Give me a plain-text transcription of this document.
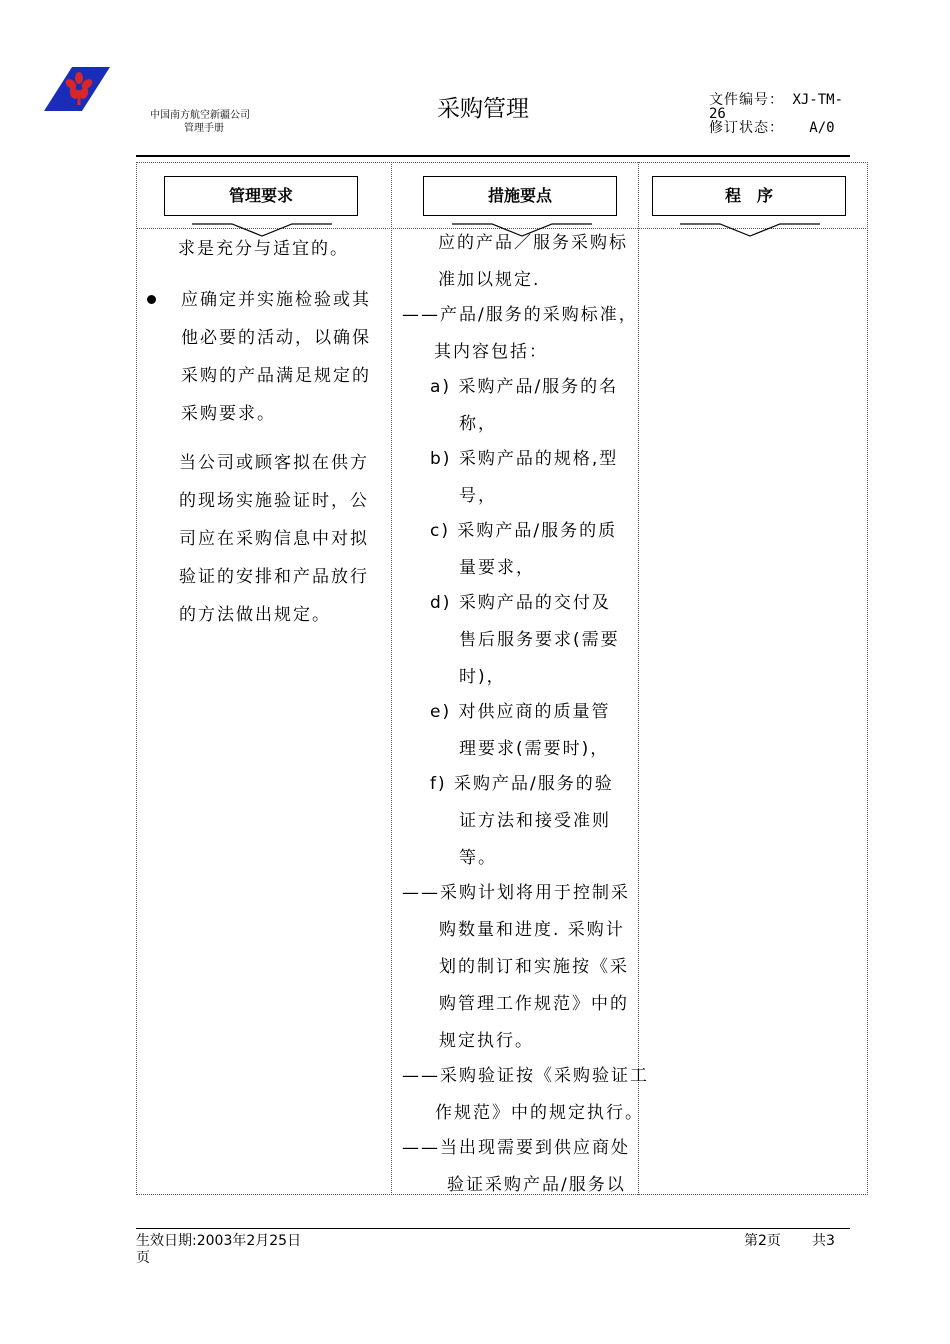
中国南方航空新疆公司
管理手册
采购管理	文件编号： XJ-TM-
26
修订状态： A/0
管理要求	措施要点	程　序
求是充分与适宜的。
应确定并实施检验或其
他必要的活动，以确保
采购的产品满足规定的
采购要求。
当公司或顾客拟在供方
的现场实施验证时，公
司应在采购信息中对拟
验证的安排和产品放行
的方法做出规定。
应的产品／服务采购标
准加以规定.
——产品/服务的采购标准，
其内容包括：
a) 采购产品/服务的名
称，
b) 采购产品的规格,型
号，
c) 采购产品/服务的质
量要求，
d) 采购产品的交付及
售后服务要求(需要
时)，
e) 对供应商的质量管
理要求(需要时)，
f) 采购产品/服务的验
证方法和接受准则
等。
——采购计划将用于控制采
购数量和进度. 采购计
划的制订和实施按《采
购管理工作规范》中的
规定执行。
——采购验证按《采购验证工
作规范》中的规定执行。
——当出现需要到供应商处
验证采购产品/服务以
生效日期:2003年2月25日
页
第2页 共3
